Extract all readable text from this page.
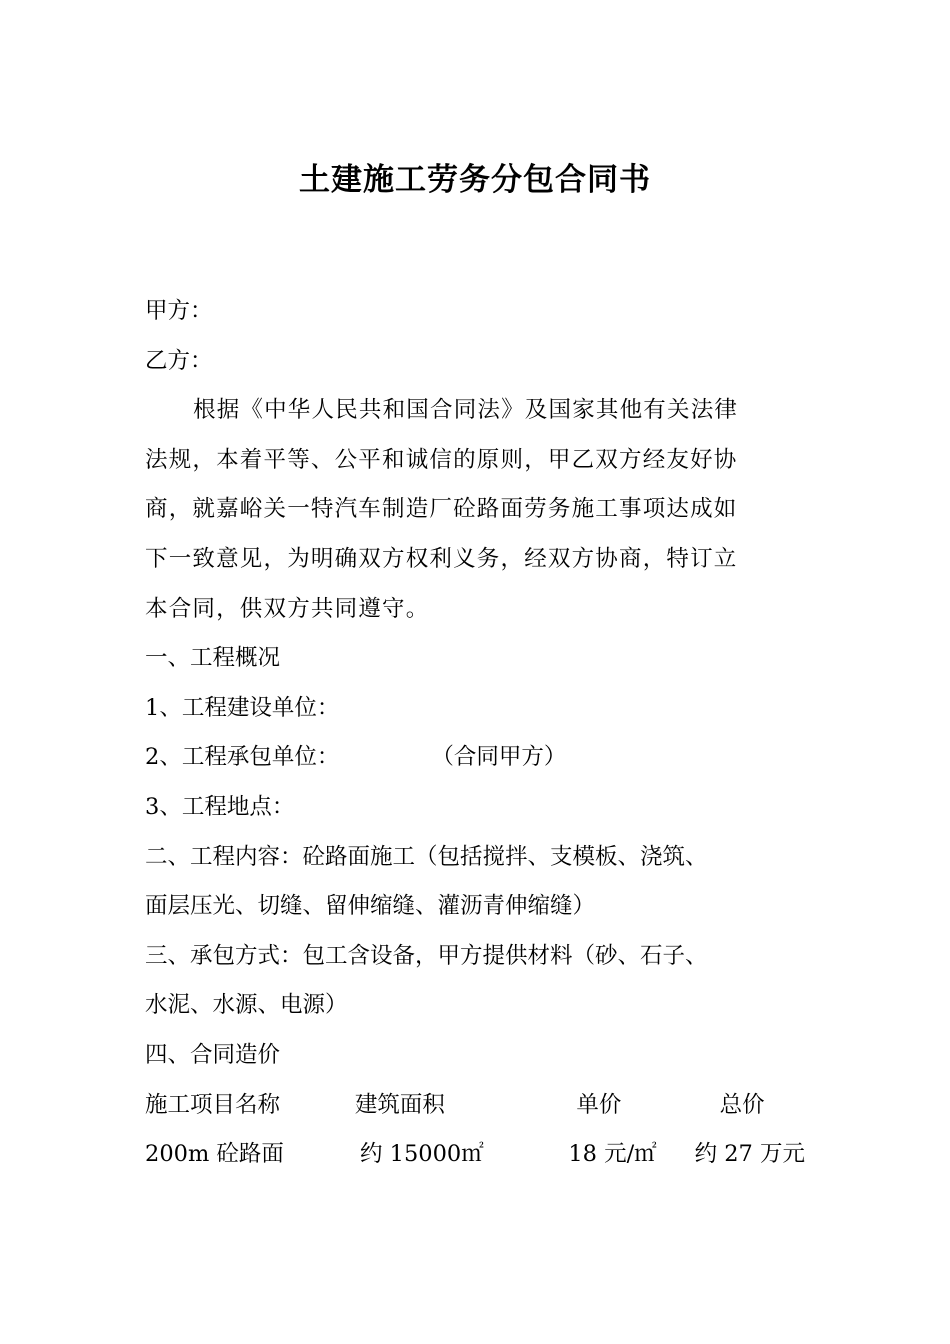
土建施工劳务分包合同书
甲方：
乙方：
根据《中华人民共和国合同法》及国家其他有关法律
法规，本着平等、公平和诚信的原则，甲乙双方经友好协
商，就嘉峪关一特汽车制造厂砼路面劳务施工事项达成如
下一致意见，为明确双方权利义务，经双方协商，特订立
本合同，供双方共同遵守。
一、工程概况
1、工程建设单位：
2、工程承包单位：	（合同甲方）
3、工程地点：
二、工程内容：砼路面施工（包括搅拌、支模板、浇筑、
面层压光、切缝、留伸缩缝、灌沥青伸缩缝）
三、承包方式：包工含设备，甲方提供材料（砂、石子、
水泥、水源、电源）
四、合同造价
施工项目名称	建筑面积	单价	总价
200m 砼路面	约 15000㎡	18 元/㎡	约 27 万元
